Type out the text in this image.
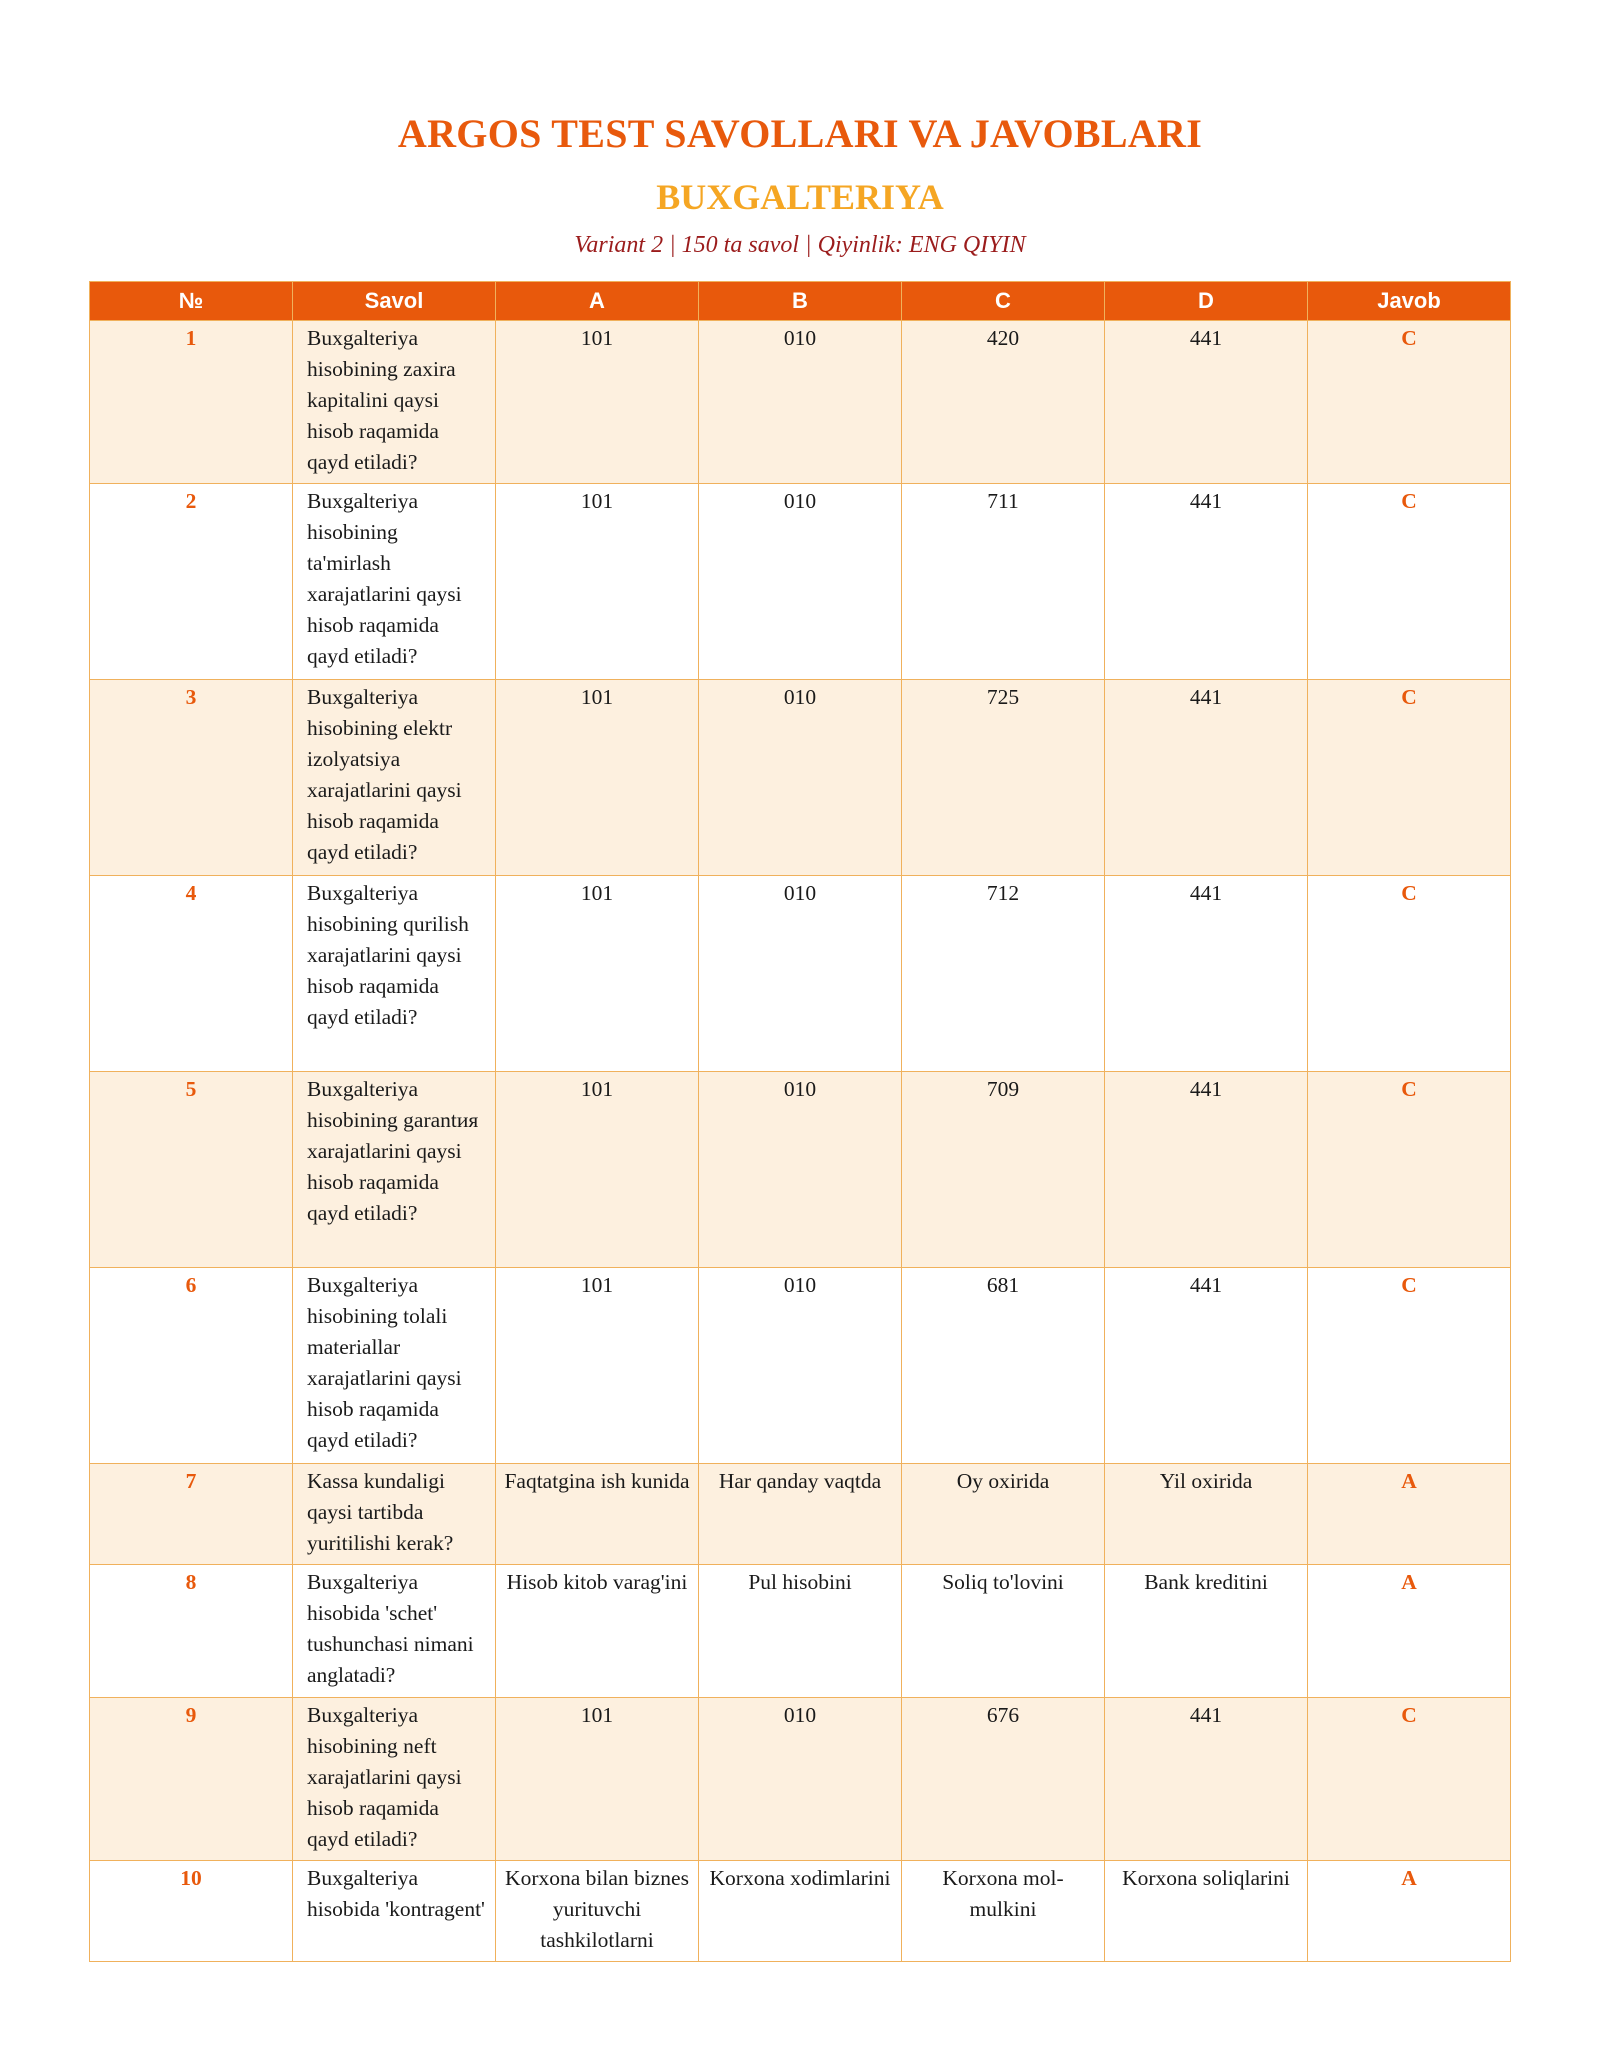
ARGOS TEST SAVOLLARI VA JAVOBLARI
BUXGALTERIYA
Variant 2 | 150 ta savol | Qiyinlik: ENG QIYIN
№	Savol	A	B	C	D	Javob
1	Buxgalteriya hisobining zaxira kapitalini qaysi hisob raqamida qayd etiladi?	101	010	420	441	C
2	Buxgalteriya hisobining ta'mirlash xarajatlarini qaysi hisob raqamida qayd etiladi?	101	010	711	441	C
3	Buxgalteriya hisobining elektr izolyatsiya xarajatlarini qaysi hisob raqamida qayd etiladi?	101	010	725	441	C
4	Buxgalteriya hisobining qurilish xarajatlarini qaysi hisob raqamida qayd etiladi?	101	010	712	441	C
5	Buxgalteriya hisobining garantия xarajatlarini qaysi hisob raqamida qayd etiladi?	101	010	709	441	C
6	Buxgalteriya hisobining tolali materiallar xarajatlarini qaysi hisob raqamida qayd etiladi?	101	010	681	441	C
7	Kassa kundaligi qaysi tartibda yuritilishi kerak?	Faqtatgina ish kunida	Har qanday vaqtda	Oy oxirida	Yil oxirida	A
8	Buxgalteriya hisobida 'schet' tushunchasi nimani anglatadi?	Hisob kitob varag'ini	Pul hisobini	Soliq to'lovini	Bank kreditini	A
9	Buxgalteriya hisobining neft xarajatlarini qaysi hisob raqamida qayd etiladi?	101	010	676	441	C
10	Buxgalteriya hisobida 'kontragent'	Korxona bilan biznes yurituvchi tashkilotlarni	Korxona xodimlarini	Korxona mol-mulkini	Korxona soliqlarini	A
